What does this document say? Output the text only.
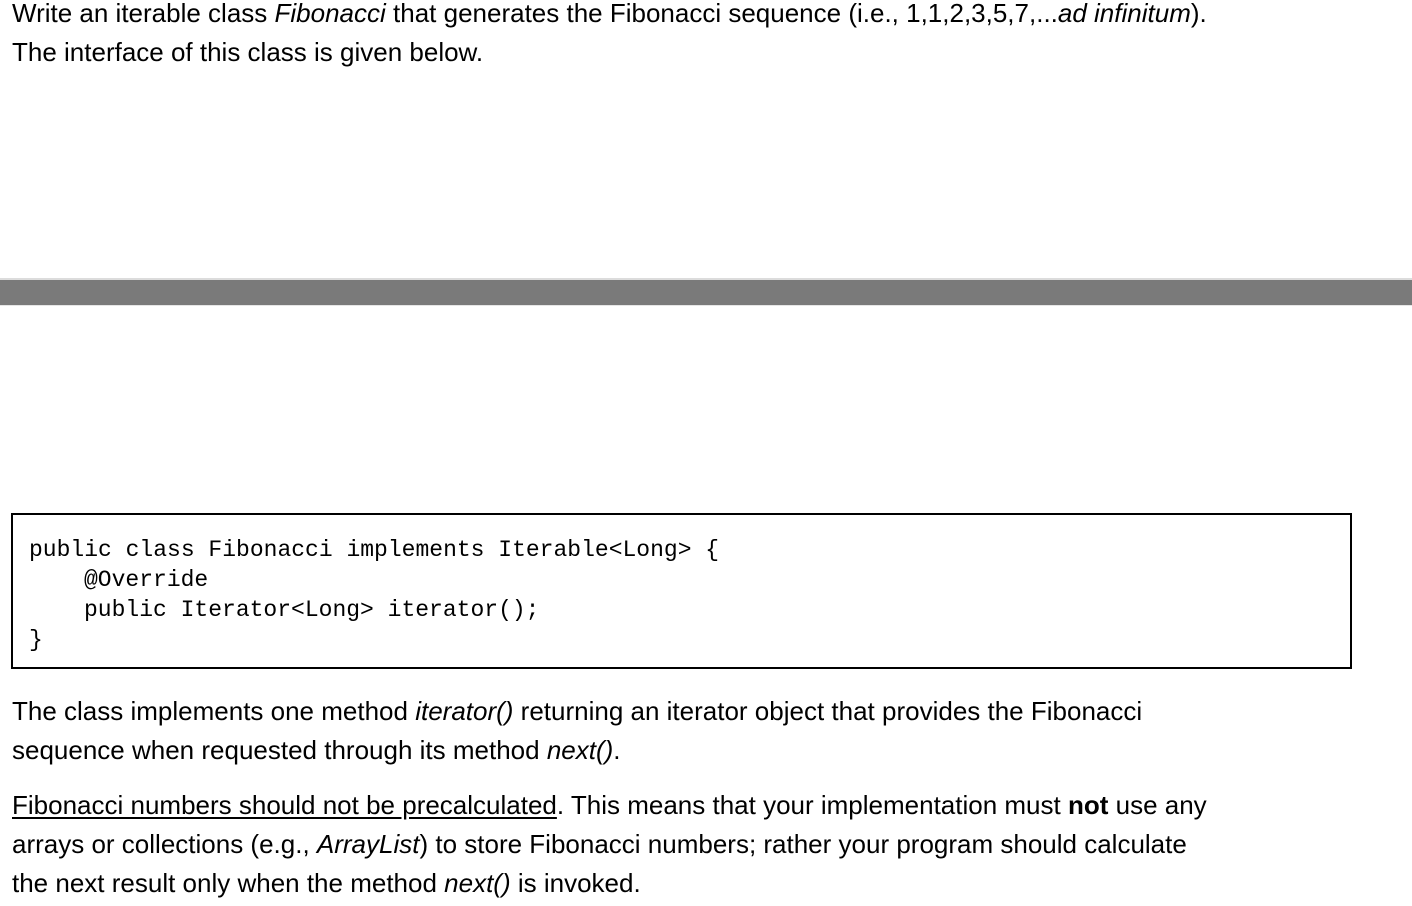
Write an iterable class Fibonacci that generates the Fibonacci sequence (i.e., 1,1,2,3,5,7,...ad infinitum).
The interface of this class is given below.

public class Fibonacci implements Iterable<Long> {
@Override
public Iterator<Long> iterator();
}

The class implements one method iterator() returning an iterator object that provides the Fibonacci
sequence when requested through its method next().

Fibonacci numbers should not be precalculated. This means that your implementation must not use any
arrays or collections (e.g., ArrayList) to store Fibonacci numbers; rather your program should calculate
the next result only when the method next() is invoked.
